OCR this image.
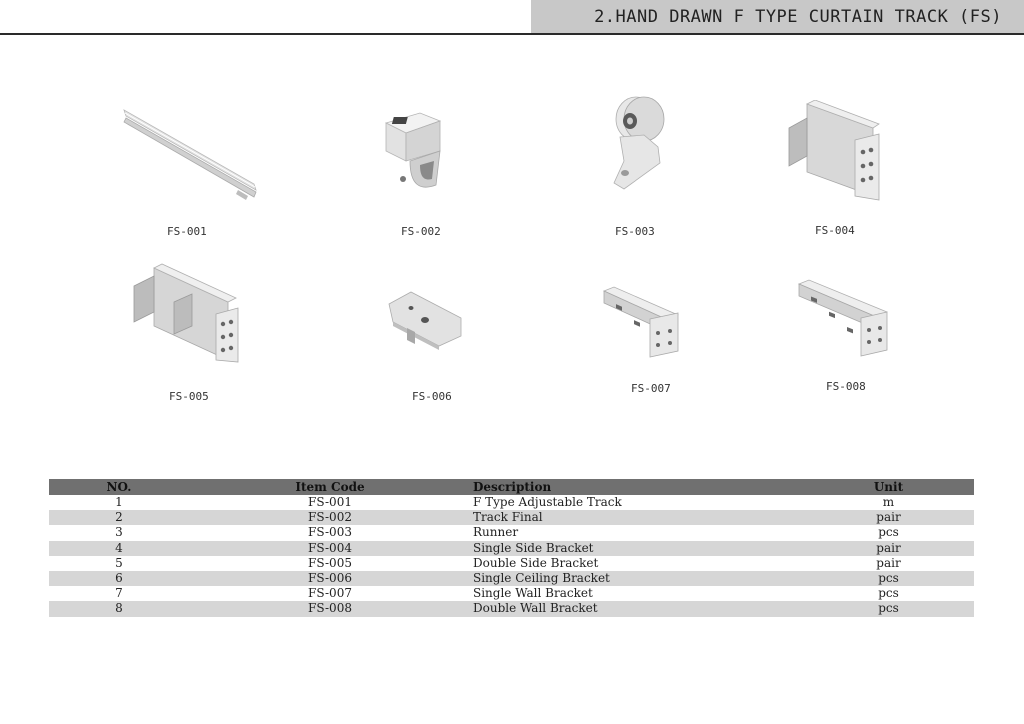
2.HAND DRAWN F TYPE CURTAIN TRACK (FS)
FS-001	FS-002	FS-003	FS-004
FS-005	FS-006
FS-007	FS-008
NO.	Item Code	Description	Unit
1	FS-001	F Type Adjustable Track	m
2	FS-002	Track Final	pair
3	FS-003	Runner	pcs
4	FS-004	Single Side Bracket	pair
5	FS-005	Double Side Bracket	pair
6	FS-006	Single Ceiling Bracket	pcs
7	FS-007	Single Wall Bracket	pcs
8	FS-008	Double Wall Bracket	pcs
